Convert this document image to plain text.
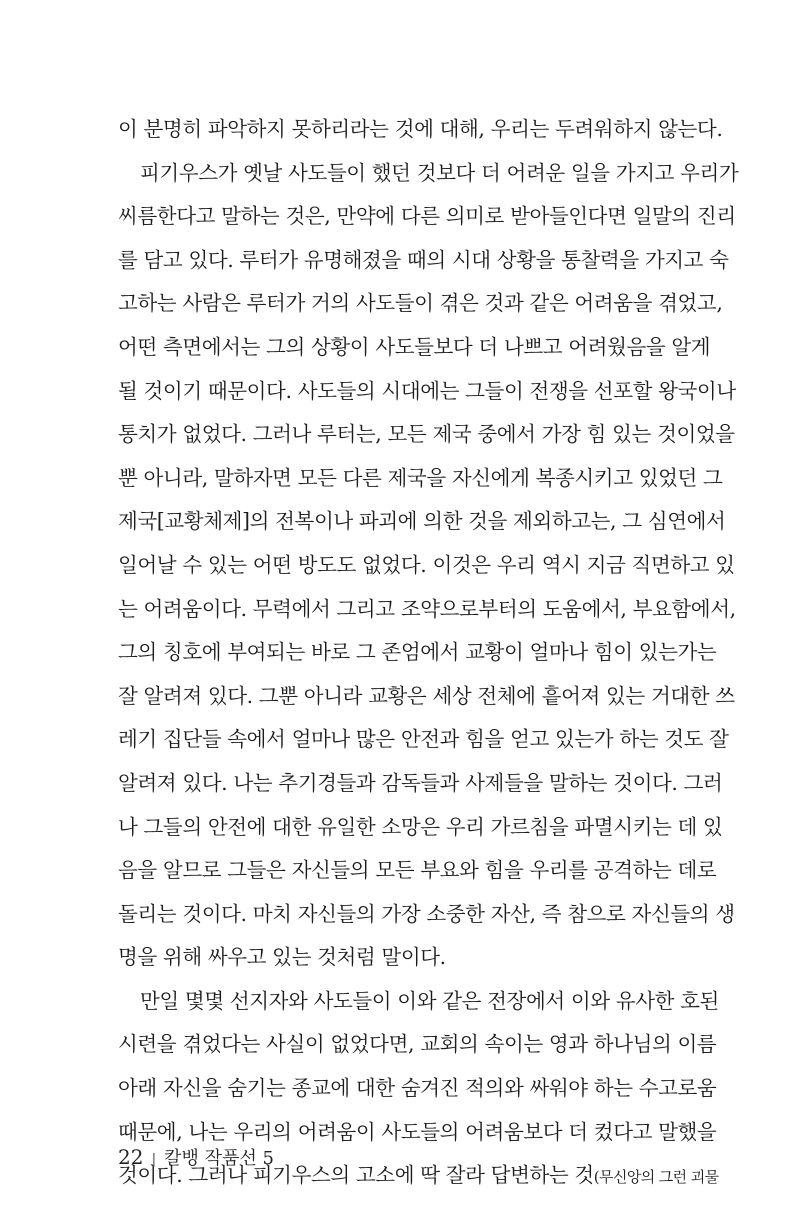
이 분명히 파악하지 못하리라는 것에 대해, 우리는 두려워하지 않는다.
피기우스가 옛날 사도들이 했던 것보다 더 어려운 일을 가지고 우리가
씨름한다고 말하는 것은, 만약에 다른 의미로 받아들인다면 일말의 진리
를 담고 있다. 루터가 유명해졌을 때의 시대 상황을 통찰력을 가지고 숙
고하는 사람은 루터가 거의 사도들이 겪은 것과 같은 어려움을 겪었고,
어떤 측면에서는 그의 상황이 사도들보다 더 나쁘고 어려웠음을 알게
될 것이기 때문이다. 사도들의 시대에는 그들이 전쟁을 선포할 왕국이나
통치가 없었다. 그러나 루터는, 모든 제국 중에서 가장 힘 있는 것이었을
뿐 아니라, 말하자면 모든 다른 제국을 자신에게 복종시키고 있었던 그
제국[교황체제]의 전복이나 파괴에 의한 것을 제외하고는, 그 심연에서
일어날 수 있는 어떤 방도도 없었다. 이것은 우리 역시 지금 직면하고 있
는 어려움이다. 무력에서 그리고 조약으로부터의 도움에서, 부요함에서,
그의 칭호에 부여되는 바로 그 존엄에서 교황이 얼마나 힘이 있는가는
잘 알려져 있다. 그뿐 아니라 교황은 세상 전체에 흩어져 있는 거대한 쓰
레기 집단들 속에서 얼마나 많은 안전과 힘을 얻고 있는가 하는 것도 잘
알려져 있다. 나는 추기경들과 감독들과 사제들을 말하는 것이다. 그러
나 그들의 안전에 대한 유일한 소망은 우리 가르침을 파멸시키는 데 있
음을 알므로 그들은 자신들의 모든 부요와 힘을 우리를 공격하는 데로
돌리는 것이다. 마치 자신들의 가장 소중한 자산, 즉 참으로 자신들의 생
명을 위해 싸우고 있는 것처럼 말이다.
만일 몇몇 선지자와 사도들이 이와 같은 전장에서 이와 유사한 호된
시련을 겪었다는 사실이 없었다면, 교회의 속이는 영과 하나님의 이름
아래 자신을 숨기는 종교에 대한 숨겨진 적의와 싸워야 하는 수고로움
때문에, 나는 우리의 어려움이 사도들의 어려움보다 더 컸다고 말했을
것이다. 그러나 피기우스의 고소에 딱 잘라 답변하는 것(무신앙의 그런 괴물
22 | 칼뱅 작품선 5
